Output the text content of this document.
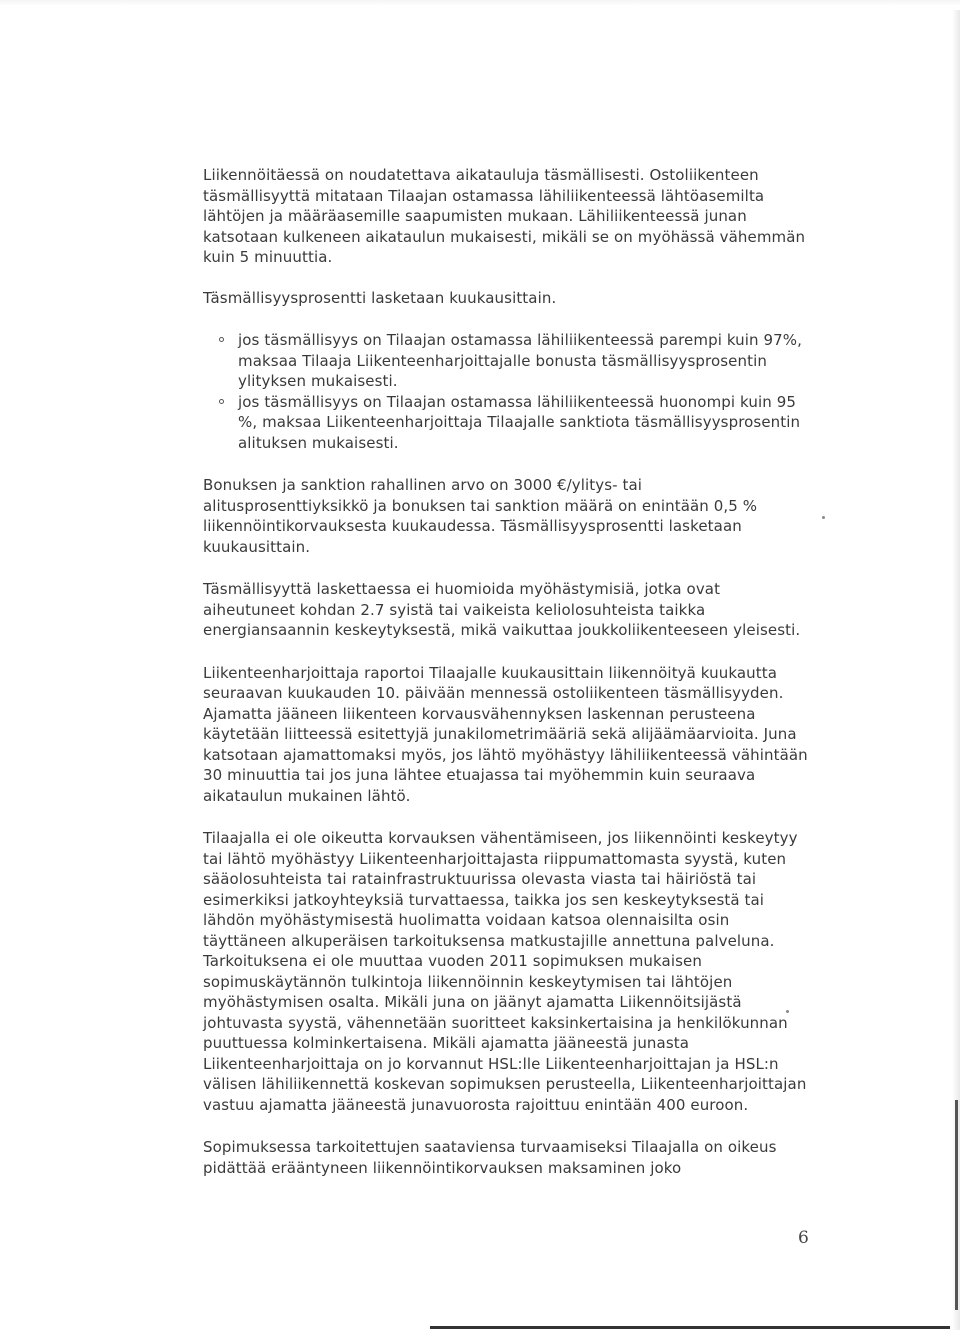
Liikennöitäessä on noudatettava aikatauluja täsmällisesti. Ostoliikenteen täsmällisyyttä mitataan Tilaajan ostamassa lähiliikenteessä lähtöasemilta lähtöjen ja määräasemille saapumisten mukaan. Lähiliikenteessä junan katsotaan kulkeneen aikataulun mukaisesti, mikäli se on myöhässä vähemmän kuin 5 minuuttia.

Täsmällisyysprosentti lasketaan kuukausittain.

jos täsmällisyys on Tilaajan ostamassa lähiliikenteessä parempi kuin 97%, maksaa Tilaaja Liikenteenharjoittajalle bonusta täsmällisyysprosentin ylityksen mukaisesti.
jos täsmällisyys on Tilaajan ostamassa lähiliikenteessä huonompi kuin 95 %, maksaa Liikenteenharjoittaja Tilaajalle sanktiota täsmällisyysprosentin alituksen mukaisesti.

Bonuksen ja sanktion rahallinen arvo on 3000 €/ylitys- tai alitusprosenttiyksikkö ja bonuksen tai sanktion määrä on enintään 0,5 % liikennöintikorvauksesta kuukaudessa. Täsmällisyysprosentti lasketaan kuukausittain.

Täsmällisyyttä laskettaessa ei huomioida myöhästymisiä, jotka ovat aiheutuneet kohdan 2.7 syistä tai vaikeista keliolosuhteista taikka energiansaannin keskeytyksestä, mikä vaikuttaa joukkoliikenteeseen yleisesti.

Liikenteenharjoittaja raportoi Tilaajalle kuukausittain liikennöityä kuukautta seuraavan kuukauden 10. päivään mennessä ostoliikenteen täsmällisyyden. Ajamatta jääneen liikenteen korvausvähennyksen laskennan perusteena käytetään liitteessä esitettyjä junakilometrimääriä sekä alijäämäarvioita. Juna katsotaan ajamattomaksi myös, jos lähtö myöhästyy lähiliikenteessä vähintään 30 minuuttia tai jos juna lähtee etuajassa tai myöhemmin kuin seuraava aikataulun mukainen lähtö.

Tilaajalla ei ole oikeutta korvauksen vähentämiseen, jos liikennöinti keskeytyy tai lähtö myöhästyy Liikenteenharjoittajasta riippumattomasta syystä, kuten sääolosuhteista tai ratainfrastruktuurissa olevasta viasta tai häiriöstä tai esimerkiksi jatkoyhteyksiä turvattaessa, taikka jos sen keskeytyksestä tai lähdön myöhästymisestä huolimatta voidaan katsoa olennaisilta osin täyttäneen alkuperäisen tarkoituksensa matkustajille annettuna palveluna. Tarkoituksena ei ole muuttaa vuoden 2011 sopimuksen mukaisen sopimuskäytännön tulkintoja liikennöinnin keskeytymisen tai lähtöjen myöhästymisen osalta. Mikäli juna on jäänyt ajamatta Liikennöitsijästä johtuvasta syystä, vähennetään suoritteet kaksinkertaisina ja henkilökunnan puuttuessa kolminkertaisena. Mikäli ajamatta jääneestä junasta Liikenteenharjoittaja on jo korvannut HSL:lle Liikenteenharjoittajan ja HSL:n välisen lähiliikennettä koskevan sopimuksen perusteella, Liikenteenharjoittajan vastuu ajamatta jääneestä junavuorosta rajoittuu enintään 400 euroon.

Sopimuksessa tarkoitettujen saataviensa turvaamiseksi Tilaajalla on oikeus pidättää erääntyneen liikennöintikorvauksen maksaminen joko

6
